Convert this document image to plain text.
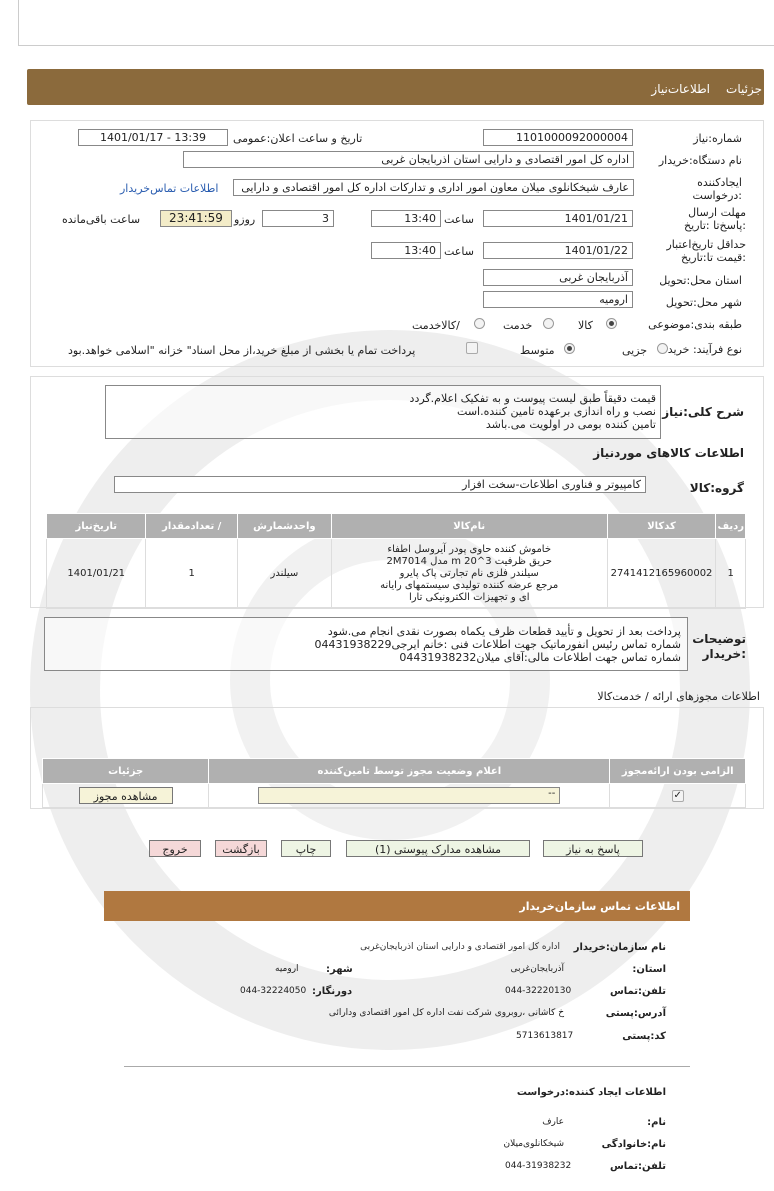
جزئیات
اطلاعات‌نیاز
شماره:نیاز
1101000092000004
تاریخ و ساعت اعلان:عمومی
1401/01/17 - 13:39
نام دستگاه:خریدار
اداره کل امور اقتصادی و دارایی استان اذربایجان غربی
ایجادکننده :درخواست
عارف شیخکانلوی میلان معاون امور اداری و تدارکات اداره کل امور اقتصادی و دارایی
اطلاعات تماس‌خریدار
مهلت ارسال :پاسخ‌تا :تاریخ
1401/01/21
ساعت
13:40
3
روز‌و
23:41:59
ساعت باقی‌مانده
حداقل تاریخ‌اعتبار :قیمت تا:تاریخ
1401/01/22
ساعت
13:40
استان محل:تحویل
آذربایجان غربی
شهر محل:تحویل
ارومیه
طبقه بندی:موضوعی
کالا
خدمت
/کالاخدمت
نوع فرآیند: خرید
جزیی
متوسط
پرداخت تمام یا بخشی از مبلغ خرید،از محل اسناد" خزانه "اسلامی خواهد.بود
شرح کلی:نیاز
قیمت دقیقاً طبق لیست پیوست و به تفکیک اعلام.گردد
نصب و راه اندازی برعهده تامین کننده.است
تامین کننده بومی در اولویت می.باشد
اطلاعات کالاهای موردنیاز
گروه:کالا
کامپیوتر و فناوری اطلاعات-سخت افزار
ردیف	کدکالا	نام‌کالا	واحدشمارش	/ تعدادمقدار	تاریخ‌نیاز
1	2741412165960002	خاموش کننده حاوی پودر آیروسل اطفاء
حریق ظرفیت 3^m 20 مدل 2M7014
سیلندر فلزی نام تجارتی پاک پایرو
مرجع عرضه کننده تولیدی سیستمهای رایانه
ای و تجهیزات الکترونیکی تارا	سیلندر	1	1401/01/21
توضیحات :خریدار
پرداخت بعد از تحویل و تأیید قطعات ظرف یکماه بصورت نقدی انجام می.شود
شماره تماس رئیس انفورماتیک جهت اطلاعات فنی :خانم ایرجی04431938229
شماره تماس جهت اطلاعات مالی:آقای میلان04431938232
اطلاعات مجوزهای ارائه / خدمت‌کالا
الزامی بودن ارائه‌مجوز	اعلام وضعیت مجوز توسط تامین‌کننده	جزئیات
✓	--	مشاهده مجوز
پاسخ به نیاز
مشاهده مدارک پیوستی (1)
چاپ
بازگشت
خروج
اطلاعات تماس سازمان‌خریدار
نام سازمان:خریدار
اداره کل امور اقتصادی و دارایی استان اذربایجان‌غربی
استان:
آذربایجان‌غربی
شهر:
ارومیه
تلفن:تماس
044-32220130
دورنگار:
044-32224050
آدرس:پستی
خ کاشانی ،روبروی شرکت نفت اداره کل امور اقتصادی ودارائی
کد:پستی
5713613817
اطلاعات ایجاد کننده:درخواست
نام:
عارف
نام:خانوادگی
شیخکانلوی‌میلان
تلفن:تماس
044-31938232
